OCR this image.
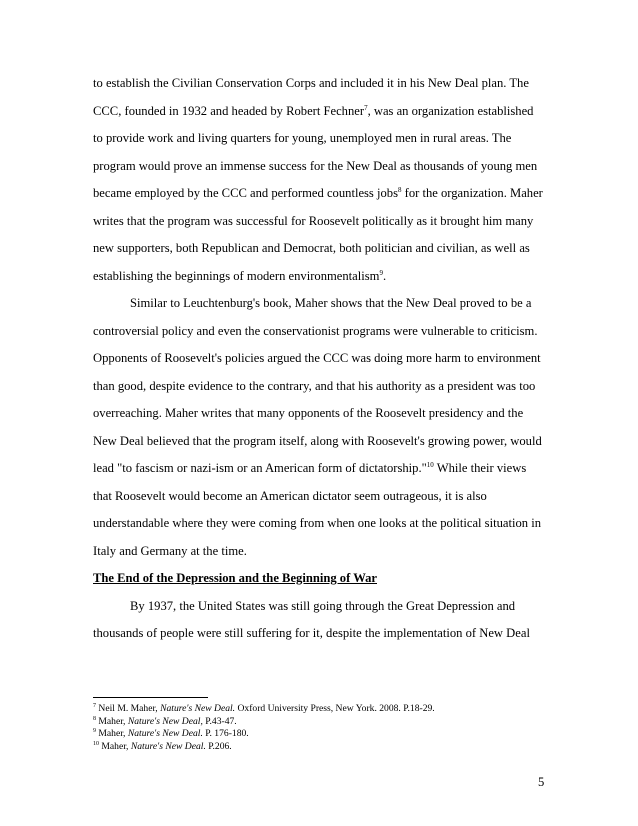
to establish the Civilian Conservation Corps and included it in his New Deal plan. The
CCC, founded in 1932 and headed by Robert Fechner$^7$, was an organization established
to provide work and living quarters for young, unemployed men in rural areas. The
program would prove an immense success for the New Deal as thousands of young men
became employed by the CCC and performed countless jobs$^8$ for the organization. Maher
writes that the program was successful for Roosevelt politically as it brought him many
new supporters, both Republican and Democrat, both politician and civilian, as well as
establishing the beginnings of modern environmentalism$^9$.
Similar to Leuchtenburg's book, Maher shows that the New Deal proved to be a
controversial policy and even the conservationist programs were vulnerable to criticism.
Opponents of Roosevelt's policies argued the CCC was doing more harm to environment
than good, despite evidence to the contrary, and that his authority as a president was too
overreaching. Maher writes that many opponents of the Roosevelt presidency and the
New Deal believed that the program itself, along with Roosevelt's growing power, would
lead "to fascism or nazi-ism or an American form of dictatorship."$^{10}$ While their views
that Roosevelt would become an American dictator seem outrageous, it is also
understandable where they were coming from when one looks at the political situation in
Italy and Germany at the time.
The End of the Depression and the Beginning of War
By 1937, the United States was still going through the Great Depression and
thousands of people were still suffering for it, despite the implementation of New Deal
$^7$ Neil M. Maher, Nature's New Deal. Oxford University Press, New York. 2008. P.18-29.
$^8$ Maher, Nature's New Deal, P.43-47.
$^9$ Maher, Nature's New Deal. P. 176-180.
$^{10}$ Maher, Nature's New Deal. P.206.
5
